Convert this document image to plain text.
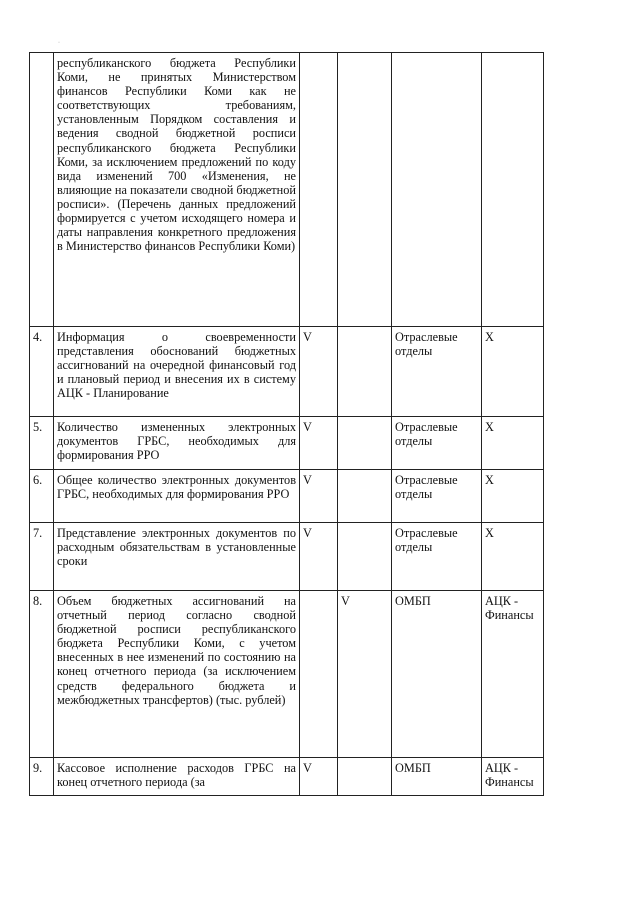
·

	республиканского бюджета Республики Коми, не принятых Министерством финансов Республики Коми как не соответствующих требованиям, установленным Порядком составления и ведения сводной бюджетной росписи республиканского бюджета Республики Коми, за исключением предложений по коду вида изменений 700 «Изменения, не влияющие на показатели сводной бюджетной росписи». (Перечень данных предложений формируется с учетом исходящего номера и даты направления конкретного предложения в Министерство финансов Республики Коми)				

4.	Информация о своевременности представления обоснований бюджетных ассигнований на очередной финансовый год и плановый период и внесения их в систему АЦК - Планирование	V		Отраслевые отделы	X
5.	Количество измененных электронных документов ГРБС, необходимых для формирования РРО	V		Отраслевые отделы	X
6.	Общее количество электронных документов ГРБС, необходимых для формирования РРО	V		Отраслевые отделы	X
7.	Представление электронных документов по расходным обязательствам в установленные сроки	V		Отраслевые отделы	X
8.	Объем бюджетных ассигнований на отчетный период согласно сводной бюджетной росписи республиканского бюджета Республики Коми, с учетом внесенных в нее изменений по состоянию на конец отчетного периода (за исключением средств федерального бюджета и межбюджетных трансфертов) (тыс. рублей)		V	ОМБП	АЦК - Финансы
9.	Кассовое исполнение расходов ГРБС на конец отчетного периода (за	V		ОМБП	АЦК - Финансы
